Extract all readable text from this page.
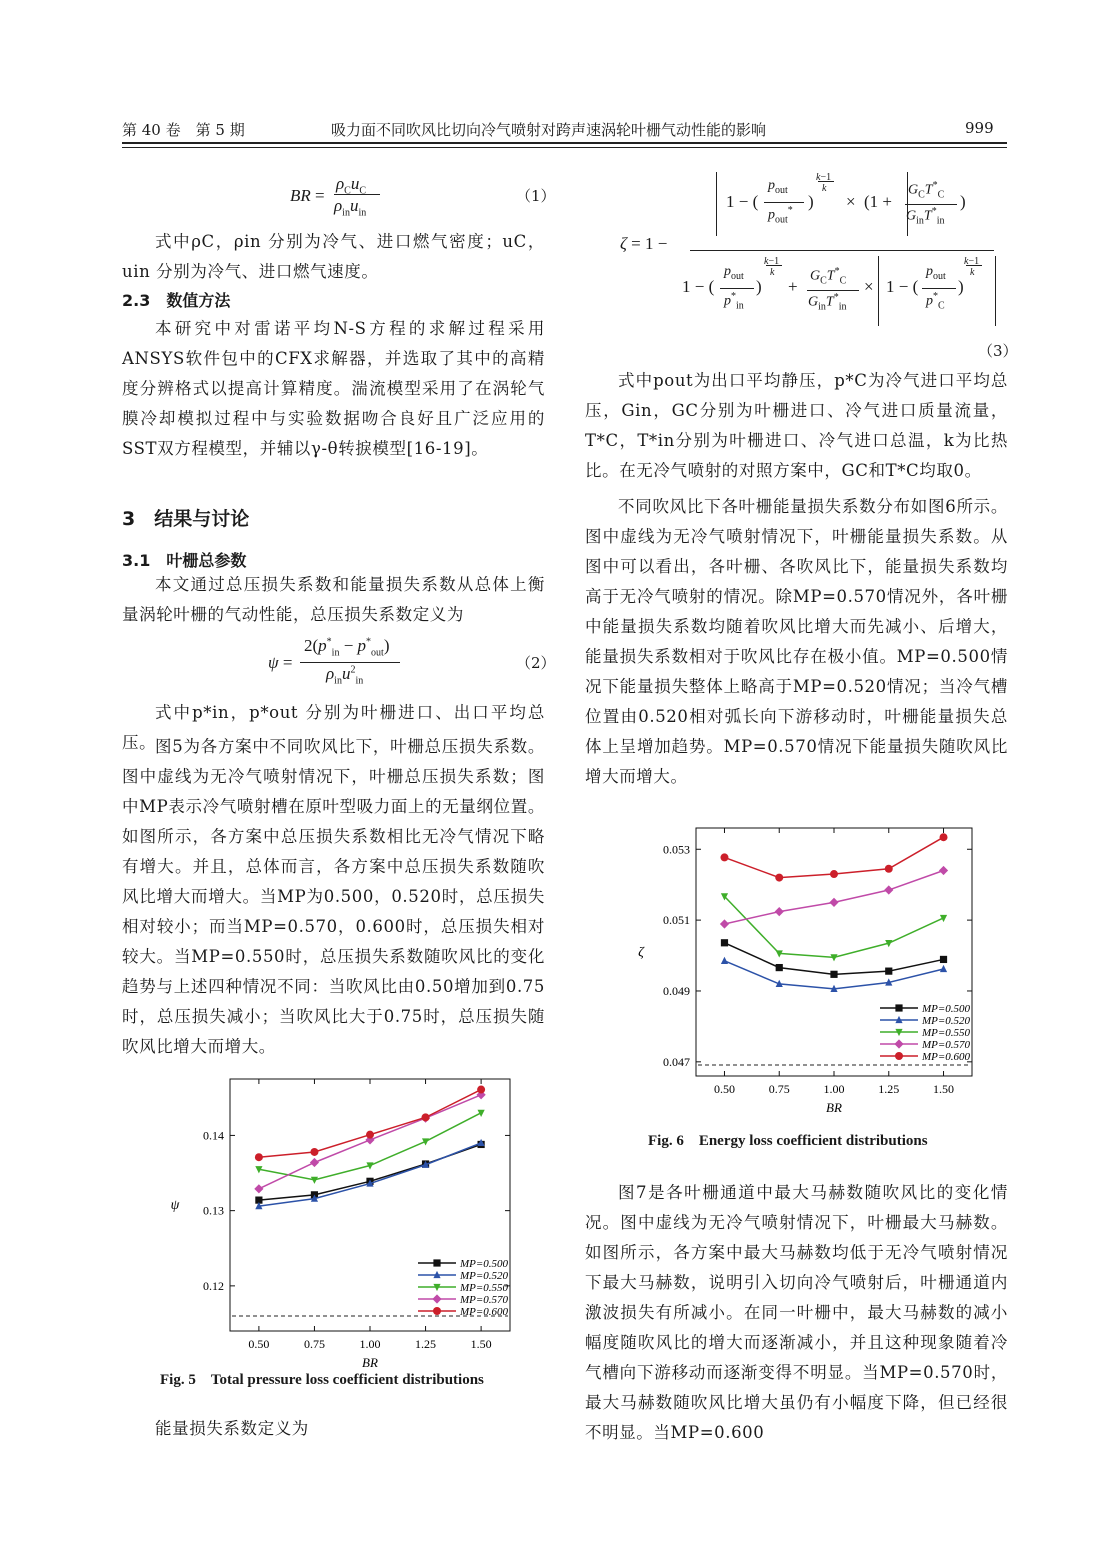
第 40 卷　第 5 期	吸力面不同吹风比切向冷气喷射对跨声速涡轮叶栅气动性能的影响	999
BR =
$\rho_Cu_C$
$\rho_{in}u_{in}$
（1）

式中ρC，ρin 分别为冷气、进口燃气密度；uC，uin 分别为冷气、进口燃气速度。

2.3　数值方法

本研究中对雷诺平均N-S方程的求解过程采用ANSYS软件包中的CFX求解器，并选取了其中的高精度分辨格式以提高计算精度。湍流模型采用了在涡轮气膜冷却模拟过程中与实验数据吻合良好且广泛应用的SST双方程模型，并辅以γ-θ转捩模型[16-19]。

3　结果与讨论
3.1　叶栅总参数

本文通过总压损失系数和能量损失系数从总体上衡量涡轮叶栅的气动性能，总压损失系数定义为

ψ =
$2(p^*_{in} - p^*_{out})$
$\rho_{in}u^2_{in}$
（2）

式中p*in，p*out 分别为叶栅进口、出口平均总压。

图5为各方案中不同吹风比下，叶栅总压损失系数。图中虚线为无冷气喷射情况下，叶栅总压损失系数；图中MP表示冷气喷射槽在原叶型吸力面上的无量纲位置。如图所示，各方案中总压损失系数相比无冷气情况下略有增大。并且，总体而言，各方案中总压损失系数随吹风比增大而增大。当MP为0.500，0.520时，总压损失相对较小；而当MP=0.570，0.600时，总压损失相对较大。当MP=0.550时，总压损失系数随吹风比的变化趋势与上述四种情况不同：当吹风比由0.50增加到0.75时，总压损失减小；当吹风比大于0.75时，总压损失随吹风比增大而增大。

0.50	0.75	1.00	1.25	1.50
0.12
0.13
0.14
BR
ψ
MP=0.500
MP=0.520
MP=0.550
MP=0.570
MP=0.600
Fig. 5　Total pressure loss coefficient distributions

能量损失系数定义为

ζ = 1 −
1 − (
$p_{out}$
$p_{out}^*$ )
k−1
k
× (1 +
$G_CT^*_C$
$G_{in}T^*_{in}$
)
1 − (
$p_{out}$
$p^*_{in}$
)
k−1
k
+
$G_CT^*_C$
$G_{in}T^*_{in}$
× 1 − (
$p_{out}$
$p^*_C$
)
k−1
k
（3）

式中pout为出口平均静压，p*C为冷气进口平均总压，Gin，GC分别为叶栅进口、冷气进口质量流量，T*C，T*in分别为叶栅进口、冷气进口总温，k为比热比。在无冷气喷射的对照方案中，GC和T*C均取0。

不同吹风比下各叶栅能量损失系数分布如图6所示。图中虚线为无冷气喷射情况下，叶栅能量损失系数。从图中可以看出，各叶栅、各吹风比下，能量损失系数均高于无冷气喷射的情况。除MP=0.570情况外，各叶栅中能量损失系数均随着吹风比增大而先减小、后增大，能量损失系数相对于吹风比存在极小值。MP=0.500情况下能量损失整体上略高于MP=0.520情况；当冷气槽位置由0.520相对弧长向下游移动时，叶栅能量损失总体上呈增加趋势。MP=0.570情况下能量损失随吹风比增大而增大。

0.50	0.75	1.00	1.25	1.50
0.047
0.049
0.051
0.053
BR
ζ
MP=0.500
MP=0.520
MP=0.550
MP=0.570
MP=0.600
Fig. 6　Energy loss coefficient distributions

图7是各叶栅通道中最大马赫数随吹风比的变化情况。图中虚线为无冷气喷射情况下，叶栅最大马赫数。如图所示，各方案中最大马赫数均低于无冷气喷射情况下最大马赫数，说明引入切向冷气喷射后，叶栅通道内激波损失有所减小。在同一叶栅中，最大马赫数的减小幅度随吹风比的增大而逐渐减小，并且这种现象随着冷气槽向下游移动而逐渐变得不明显。当MP=0.570时，最大马赫数随吹风比增大虽仍有小幅度下降，但已经很不明显。当MP=0.600
